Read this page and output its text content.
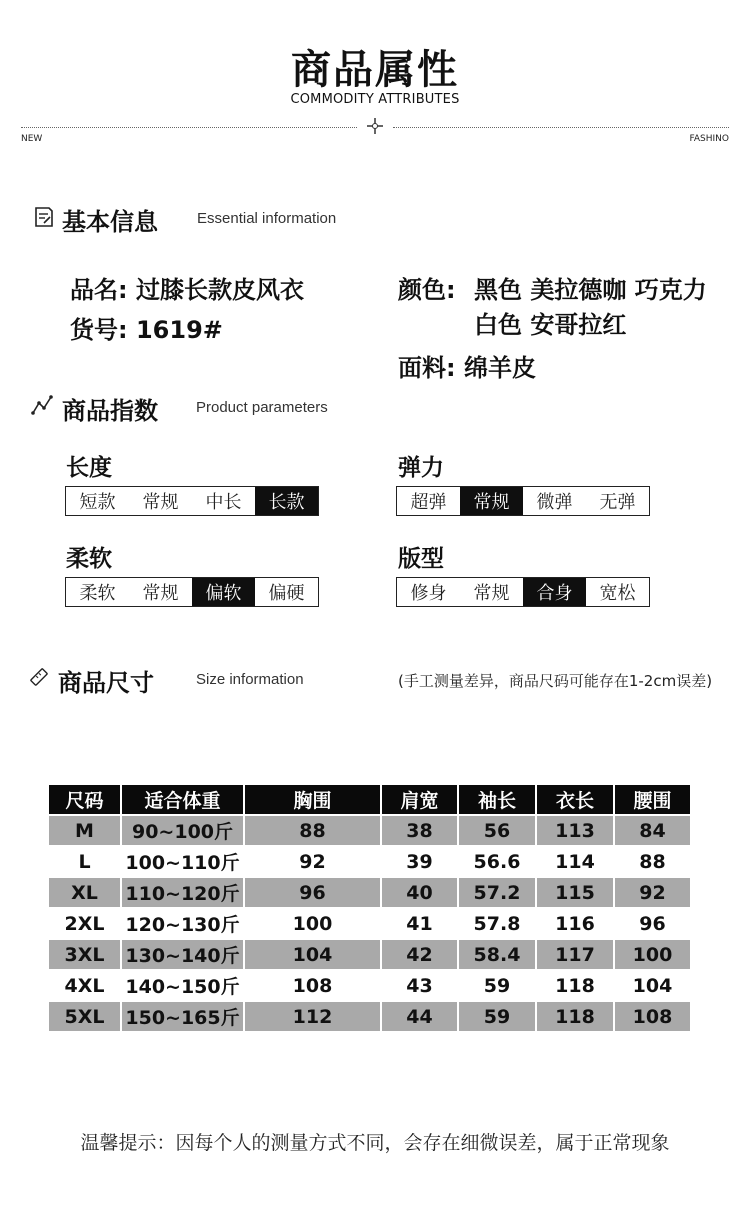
商品属性
COMMODITY ATTRIBUTES
NEW	FASHINO
基本信息	Essential information
品名: 过膝长款皮风衣
货号: 1619#
颜色: 黑色 美拉德咖 巧克力
白色 安哥拉红
面料: 绵羊皮
商品指数	Product parameters
长度
短款	常规	中长	长款
弹力
超弹	常规	微弹	无弹
柔软
柔软	常规	偏软	偏硬
版型
修身	常规	合身	宽松
商品尺寸	Size information	(手工测量差异，商品尺码可能存在1-2cm误差)
尺码	适合体重	胸围	肩宽	袖长	衣长	腰围
M	90~100斤	88	38	56	113	84
L	100~110斤	92	39	56.6	114	88
XL	110~120斤	96	40	57.2	115	92
2XL	120~130斤	100	41	57.8	116	96
3XL	130~140斤	104	42	58.4	117	100
4XL	140~150斤	108	43	59	118	104
5XL	150~165斤	112	44	59	118	108
温馨提示：因每个人的测量方式不同，会存在细微误差，属于正常现象
